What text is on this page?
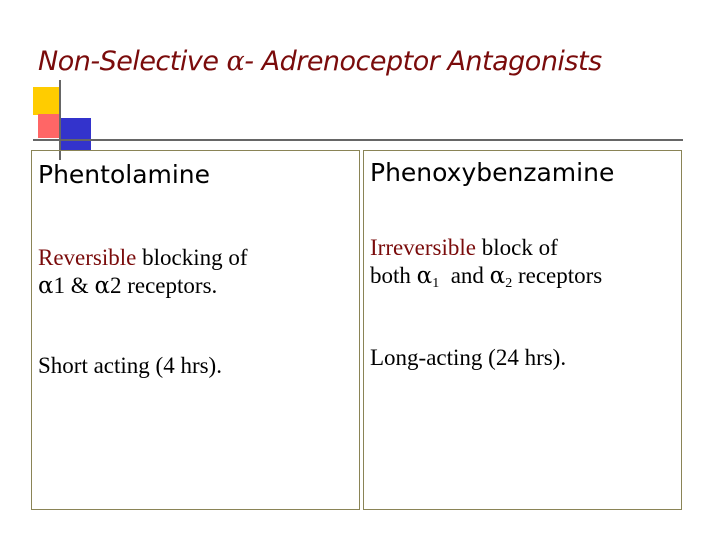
Non-Selective α- Adrenoceptor Antagonists
Phentolamine
Reversible blocking of
α1 & α2 receptors.
Short acting (4 hrs).
Phenoxybenzamine
Irreversible block of
both $\alpha_1$  and $\alpha_2$ receptors
Long-acting (24 hrs).
